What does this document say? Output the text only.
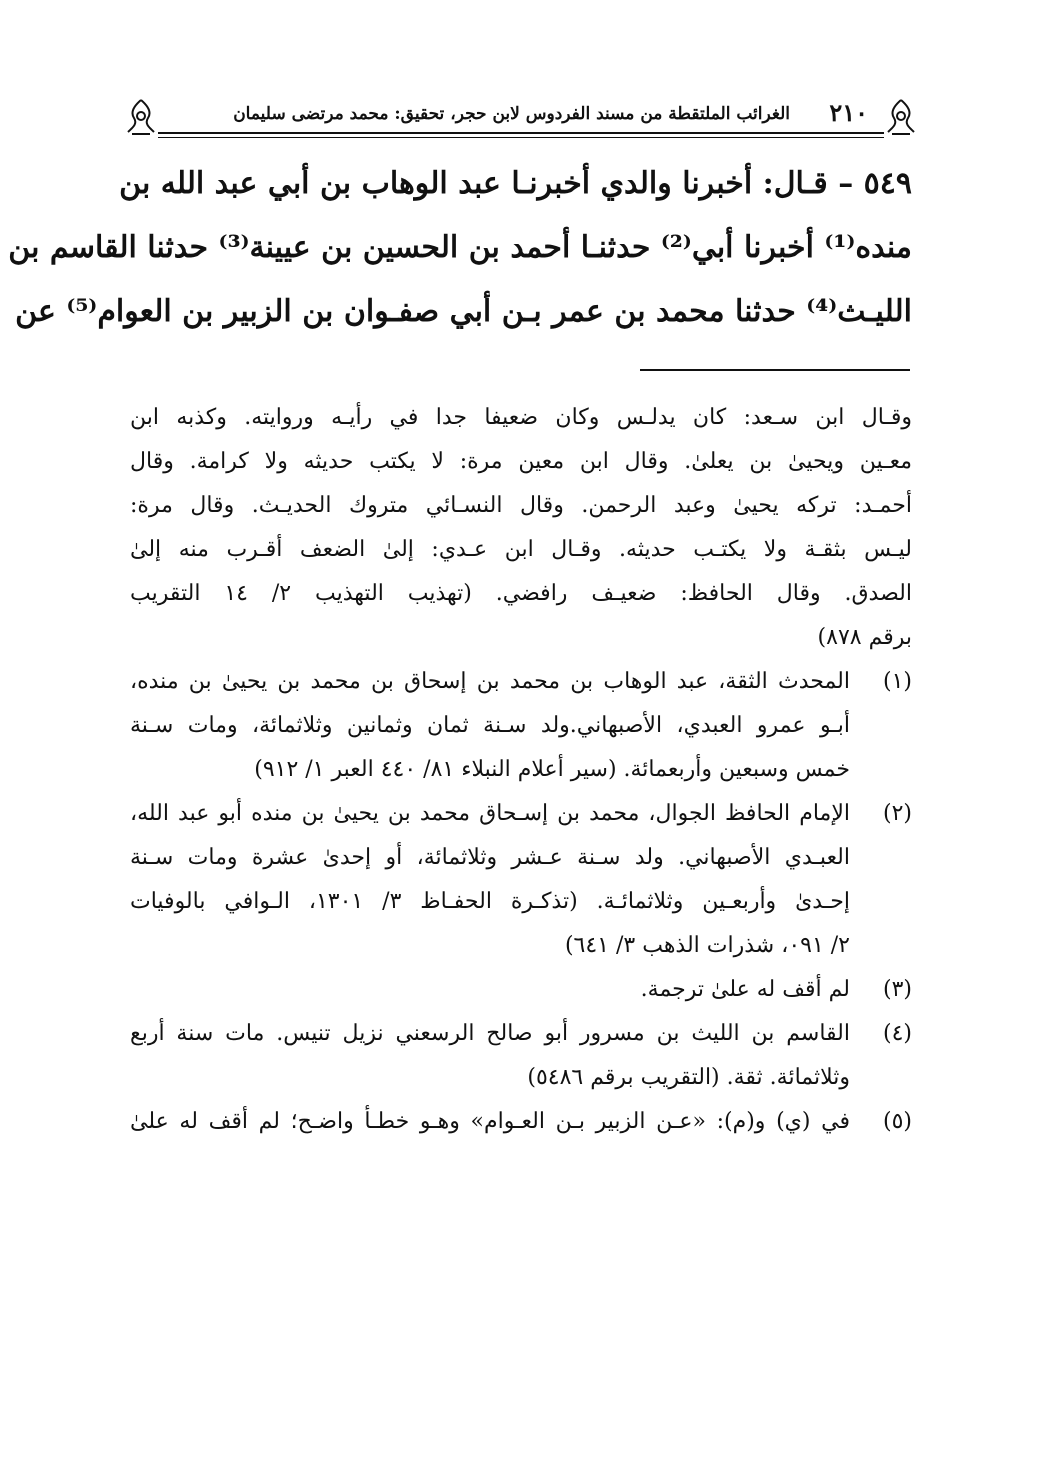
٢١٠
الغرائب الملتقطة من مسند الفردوس لابن حجر، تحقيق: محمد مرتضى سليمان
٥٤٩ – قـال: أخبرنا والدي أخبرنـا عبد الوهاب بن أبي عبد الله بن
منده⁽¹⁾ أخبرنا أبي⁽²⁾ حدثنـا أحمد بن الحسين بن عيينة⁽³⁾ حدثنا القاسم بن
الليـث⁽⁴⁾ حدثنا محمد بن عمر بـن أبي صفـوان بن الزبير بن العوام⁽⁵⁾ عن
وقـال ابن سـعد: كان يدلـس وكان ضعيفا جدا في رأيـه وروايته. وكذبه ابن
معـين ويحيىٰ بن يعلىٰ. وقال ابن معين مرة: لا يكتب حديثه ولا كرامة. وقال
أحمـد: تركه يحيىٰ وعبد الرحمن. وقال النسـائي متروك الحديـث. وقال مرة:
ليـس بثقـة ولا يكتـب حديثه. وقـال ابن عـدي: إلىٰ الضعف أقـرب منه إلىٰ
الصدق. وقال الحافظ: ضعيـف رافضي. (تهذيب التهذيب ٢/ ١٤ التقريب
برقم ٨٧٨)
(١)
المحدث الثقة، عبد الوهاب بن محمد بن إسحاق بن محمد بن يحيىٰ بن منده،
أبـو عمرو العبدي، الأصبهاني.ولد سـنة ثمان وثمانين وثلاثمائة، ومات سـنة
خمس وسبعين وأربعمائة. (سير أعلام النبلاء ٨١/ ٤٤٠ العبر ١/ ٩١٢)
(٢)
الإمام الحافظ الجوال، محمد بن إسـحاق محمد بن يحيىٰ بن منده أبو عبد الله،
العبـدي الأصبهاني. ولد سـنة عـشر وثلاثمائة، أو إحدىٰ عشرة ومات سـنة
إحـدىٰ وأربعـين وثلاثمائـة. (تذكـرة الحفـاظ ٣/ ١٣٠١، الـوافي بالوفيات
٢/ ٠٩١، شذرات الذهب ٣/ ٦٤١)
(٣)
لم أقف له علىٰ ترجمة.
(٤)
القاسم بن الليث بن مسرور أبو صالح الرسعني نزيل تنيس. مات سنة أربع
وثلاثمائة. ثقة. (التقريب برقم ٥٤٨٦)
(٥)
في (ي) و(م): «عـن الزبير بـن العـوام» وهـو خطـأ واضـح؛ لم أقف له علىٰ
